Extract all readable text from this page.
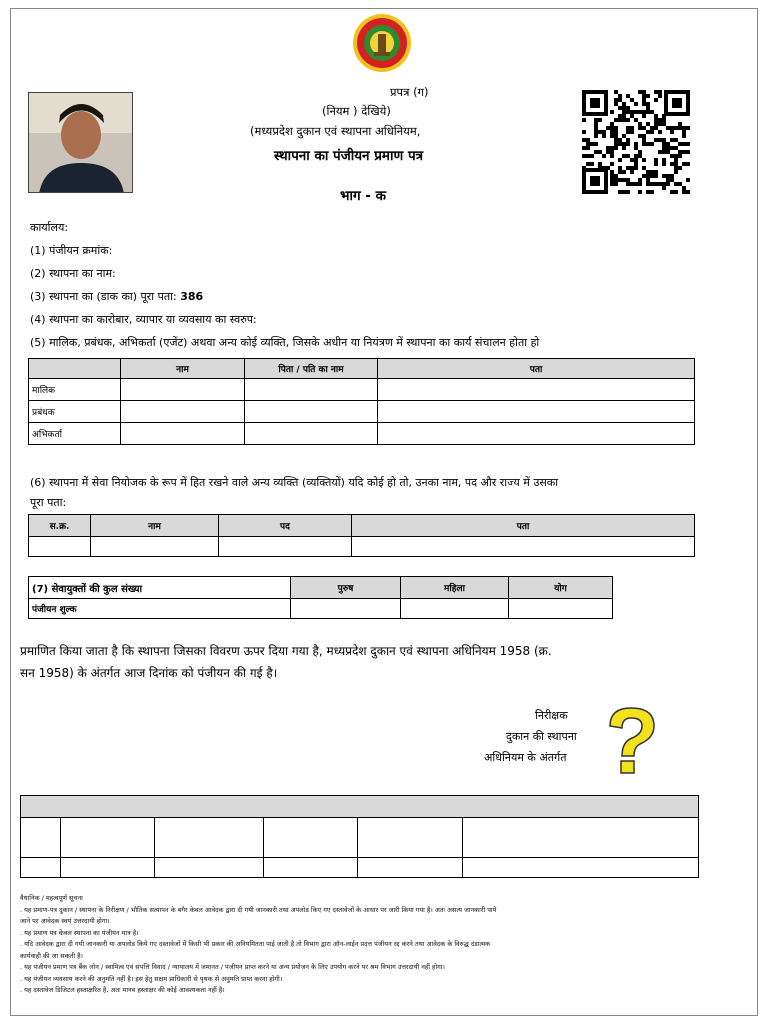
प्रपत्र (ग)
(नियम ) देखिये)
(मध्यप्रदेश दुकान एवं स्थापना अधिनियम,
स्थापना का पंजीयन प्रमाण पत्र
भाग - क
कार्यालय:
(1) पंजीयन क्रमांक:
(2) स्थापना का नाम:
(3) स्थापना का (डाक का) पूरा पता: 386
(4) स्थापना का कारोबार, व्यापार या व्यवसाय का स्वरुप:
(5) मालिक, प्रबंधक, अभिकर्ता (एजेंट) अथवा अन्य कोई व्यक्ति, जिसके अधीन या नियंत्रण में स्थापना का कार्य संचालन होता हो
	नाम	पिता / पति का नाम	पता
मालिक			
प्रबंधक			
अभिकर्ता			
(6) स्थापना में सेवा नियोजक के रूप में हित रखने वाले अन्य व्यक्ति (व्यक्तियों) यदि कोई हो तो, उनका नाम, पद और राज्य में उसका
पूरा पता:
स.क्र.	नाम	पद	पता

(7) सेवायुक्तों की कुल संख्या	पुरुष	महिला	योग
पंजीयन शुल्क			
प्रमाणित किया जाता है कि स्थापना जिसका विवरण ऊपर दिया गया है, मध्यप्रदेश दुकान एवं स्थापना अधिनियम 1958 (क्र.
सन 1958) के अंतर्गत आज दिनांक को पंजीयन की गई है।
निरीक्षक
दुकान की स्थापना
अधिनियम के अंतर्गत

वैधानिक / महत्वपूर्ण सूचना
. यह प्रमाण-पत्र दुकान / स्थापना के निरीक्षण / भौतिक सत्यापन के बगैर केवल आवेदक द्वारा दी गयी जानकारी तथा अपलोड किए गए दस्तावेजों के आधार पर जारी किया गया है। अतः असत्य जानकारी पाये
जाने पर आवेदक स्वयं उत्तरदायी होगा।
. यह प्रमाण पत्र केवल स्थापना का पंजीयन मात्र है।
. यदि आवेदक द्वारा दी गयी जानकारी या अपलोड किये गए दस्तावेजों में किसी भी प्रकार की अनियमितता पाई जाती है तो विभाग द्वारा ऑन-लाईन प्रदत्त पंजीयन रद्द करने तथा आवेदक के विरुद्ध दंडात्मक
कार्यवाही की जा सकती है।
. यह पंजीयन प्रमाण पत्र बैंक लोन / स्वामित्व एवं संपत्ति विवाद / न्यायालय में जमानत / पंजीयन प्राप्त करने या अन्य प्रयोजन के लिए उपयोग करने पर श्रम विभाग उत्तरदायी नहीं होगा।
. यह पंजीयन व्यवसाय करने की अनुमति नहीं है। इस हेतु सक्षम प्राधिकारी से पृथक से अनुमति प्राप्त करना होगी।
. यह दस्तावेज डिजिटल हस्ताक्षरित है, अतः मानव हस्ताक्षर की कोई आवश्यकता नहीं है।
